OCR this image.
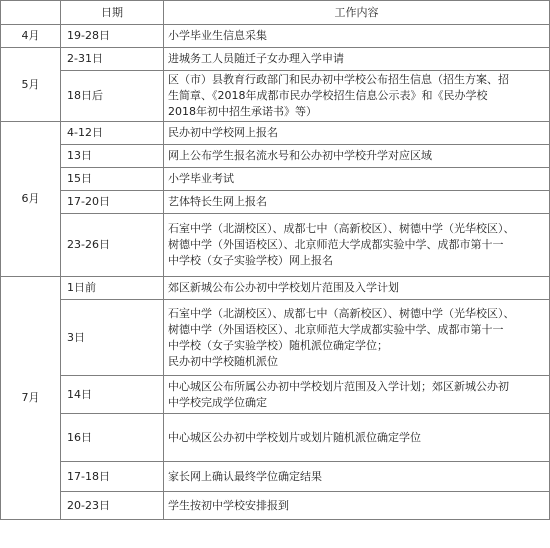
	日期	工作内容
4月	19-28日	小学毕业生信息采集
5月	2-31日	进城务工人员随迁子女办理入学申请
	18日后	区（市）县教育行政部门和民办初中学校公布招生信息（招生方案、招
生简章、《2018年成都市民办学校招生信息公示表》和《民办学校
2018年初中招生承诺书》等）

6月	4-12日	民办初中学校网上报名
	13日	网上公布学生报名流水号和公办初中学校升学对应区域
	15日	小学毕业考试
	17-20日	艺体特长生网上报名
	23-26日	石室中学（北湖校区）、成都七中（高新校区）、树德中学（光华校区）、
树德中学（外国语校区）、北京师范大学成都实验中学、成都市第十一
中学校（女子实验学校）网上报名

7月	1日前	郊区新城公布公办初中学校划片范围及入学计划
	3日	石室中学（北湖校区）、成都七中（高新校区）、树德中学（光华校区）、
树德中学（外国语校区）、北京师范大学成都实验中学、成都市第十一
中学校（女子实验学校）随机派位确定学位；
民办初中学校随机派位

	14日	中心城区公布所属公办初中学校划片范围及入学计划；郊区新城公办初
中学校完成学位确定

	16日	中心城区公办初中学校划片或划片随机派位确定学位
	17-18日	家长网上确认最终学位确定结果
	20-23日	学生按初中学校安排报到
